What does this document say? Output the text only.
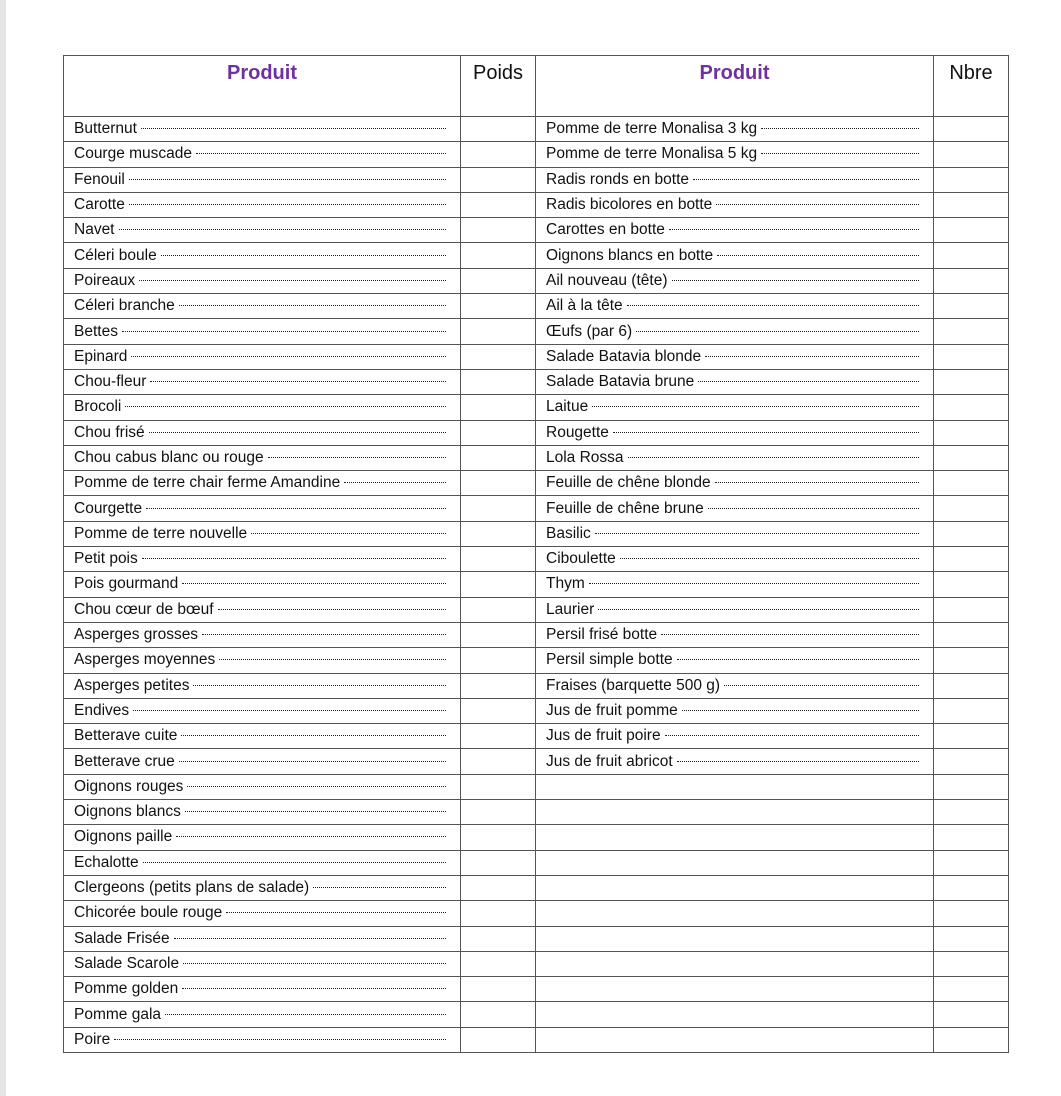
Produit	Poids	Produit	Nbre

Butternut		Pomme de terre Monalisa 3 kg	

Courge muscade		Pomme de terre Monalisa 5 kg	

Fenouil		Radis ronds en botte	

Carotte		Radis bicolores en botte	

Navet		Carottes en botte	

Céleri boule		Oignons blancs en botte	

Poireaux		Ail nouveau (tête)	

Céleri branche		Ail à la tête	

Bettes		Œufs (par 6)	

Epinard		Salade Batavia blonde	

Chou-fleur		Salade Batavia brune	

Brocoli		Laitue	

Chou frisé		Rougette	

Chou cabus blanc ou rouge		Lola Rossa	

Pomme de terre chair ferme Amandine		Feuille de chêne blonde	

Courgette		Feuille de chêne brune	

Pomme de terre nouvelle		Basilic	

Petit pois		Ciboulette	

Pois gourmand		Thym	

Chou cœur de bœuf		Laurier	

Asperges grosses		Persil frisé botte	

Asperges moyennes		Persil simple botte	

Asperges petites		Fraises (barquette 500 g)	

Endives		Jus de fruit pomme	

Betterave cuite		Jus de fruit poire	

Betterave crue		Jus de fruit abricot	

Oignons rouges			

Oignons blancs			

Oignons paille			

Echalotte			

Clergeons (petits plans de salade)			

Chicorée boule rouge			

Salade Frisée			

Salade Scarole			

Pomme golden			

Pomme gala			

Poire			
